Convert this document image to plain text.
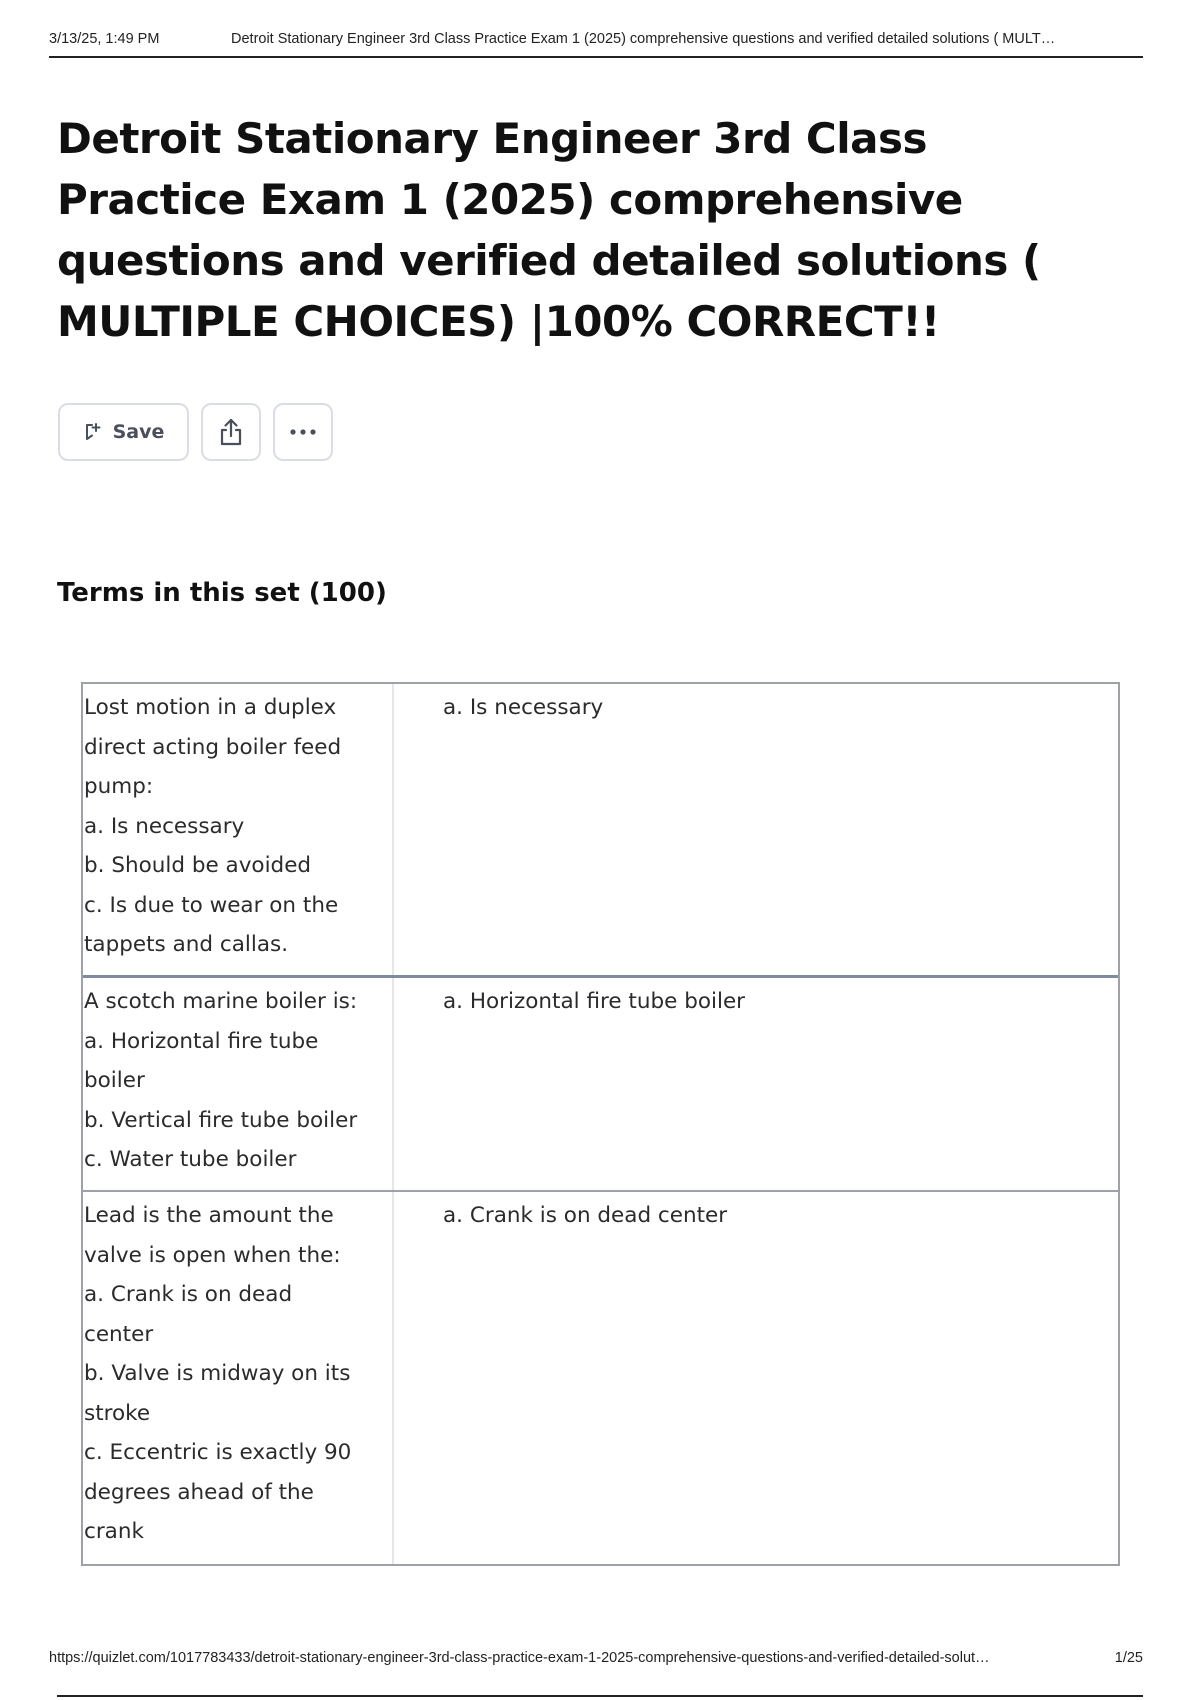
3/13/25, 1:49 PM	Detroit Stationary Engineer 3rd Class Practice Exam 1 (2025) comprehensive questions and verified detailed solutions ( MULT…
Detroit Stationary Engineer 3rd Class Practice Exam 1 (2025) comprehensive questions and verified detailed solutions ( MULTIPLE CHOICES) |100% CORRECT!!
Save
Terms in this set (100)
Lost motion in a duplex
direct acting boiler feed
pump:
a. Is necessary
b. Should be avoided
c. Is due to wear on the
tappets and callas.
a. Is necessary
A scotch marine boiler is:
a. Horizontal fire tube
boiler
b. Vertical fire tube boiler
c. Water tube boiler
a. Horizontal fire tube boiler
Lead is the amount the
valve is open when the:
a. Crank is on dead
center
b. Valve is midway on its
stroke
c. Eccentric is exactly 90
degrees ahead of the
crank
a. Crank is on dead center
https://quizlet.com/1017783433/detroit-stationary-engineer-3rd-class-practice-exam-1-2025-comprehensive-questions-and-verified-detailed-solut…	1/25
